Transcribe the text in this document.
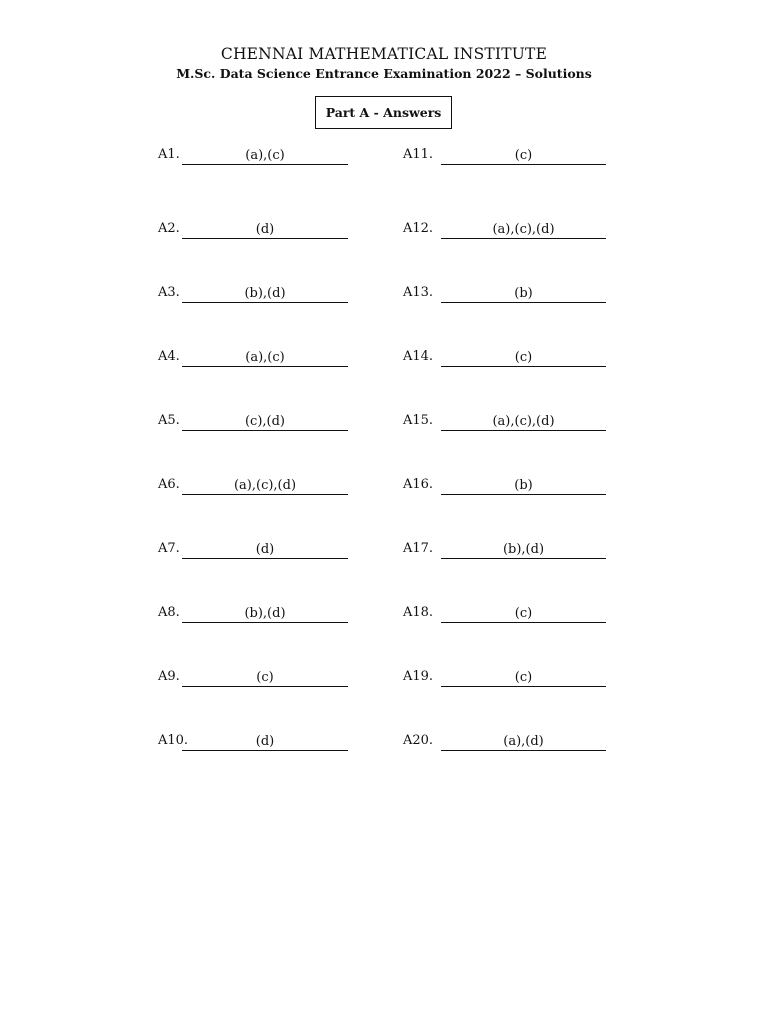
CHENNAI MATHEMATICAL INSTITUTE
M.Sc. Data Science Entrance Examination 2022 – Solutions
Part A - Answers
A1.	(a),(c)
A2.	(d)
A3.	(b),(d)
A4.	(a),(c)
A5.	(c),(d)
A6.	(a),(c),(d)
A7.	(d)
A8.	(b),(d)
A9.	(c)
A10.	(d)
A11.	(c)
A12.	(a),(c),(d)
A13.	(b)
A14.	(c)
A15.	(a),(c),(d)
A16.	(b)
A17.	(b),(d)
A18.	(c)
A19.	(c)
A20.	(a),(d)
